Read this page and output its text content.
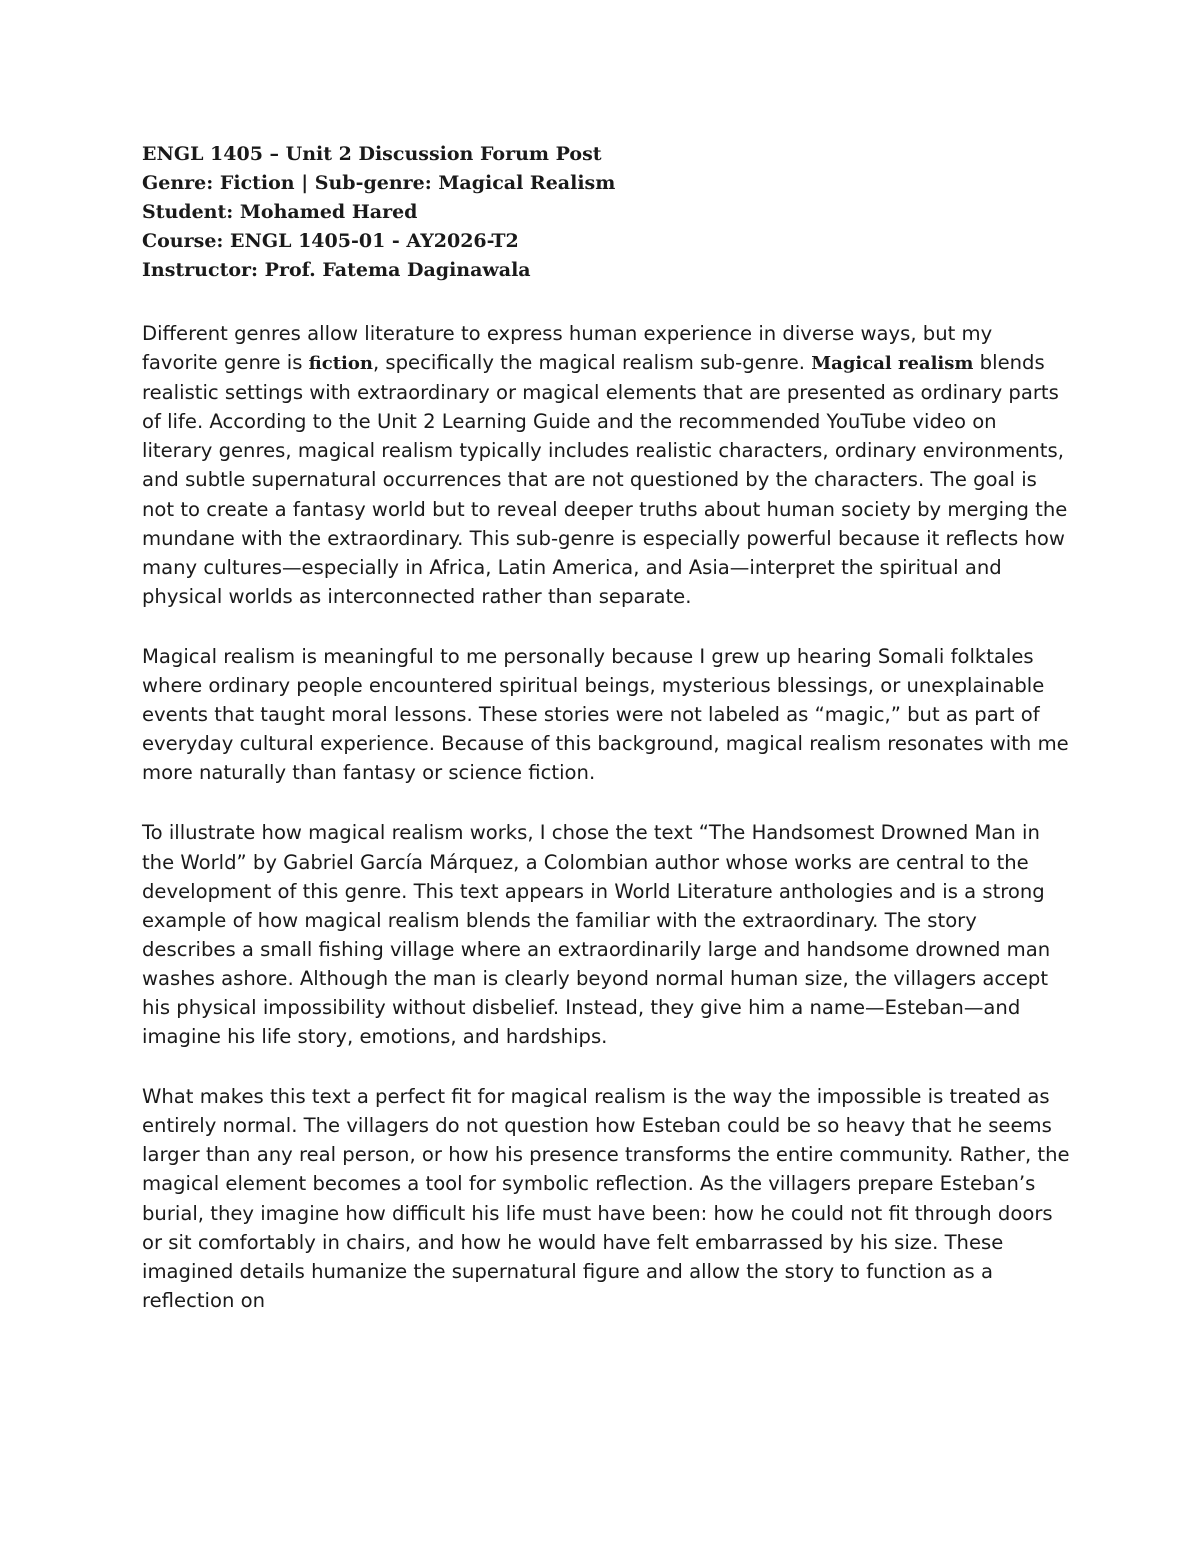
ENGL 1405 – Unit 2 Discussion Forum Post
Genre: Fiction | Sub-genre: Magical Realism
Student: Mohamed Hared
Course: ENGL 1405-01 - AY2026-T2
Instructor: Prof. Fatema Daginawala

Different genres allow literature to express human experience in diverse ways, but my favorite genre is fiction, specifically the magical realism sub-genre. Magical realism blends realistic settings with extraordinary or magical elements that are presented as ordinary parts of life. According to the Unit 2 Learning Guide and the recommended YouTube video on literary genres, magical realism typically includes realistic characters, ordinary environments, and subtle supernatural occurrences that are not questioned by the characters. The goal is not to create a fantasy world but to reveal deeper truths about human society by merging the mundane with the extraordinary. This sub-genre is especially powerful because it reflects how many cultures—especially in Africa, Latin America, and Asia—interpret the spiritual and physical worlds as interconnected rather than separate.

Magical realism is meaningful to me personally because I grew up hearing Somali folktales where ordinary people encountered spiritual beings, mysterious blessings, or unexplainable events that taught moral lessons. These stories were not labeled as “magic,” but as part of everyday cultural experience. Because of this background, magical realism resonates with me more naturally than fantasy or science fiction.

To illustrate how magical realism works, I chose the text “The Handsomest Drowned Man in the World” by Gabriel García Márquez, a Colombian author whose works are central to the development of this genre. This text appears in World Literature anthologies and is a strong example of how magical realism blends the familiar with the extraordinary. The story describes a small fishing village where an extraordinarily large and handsome drowned man washes ashore. Although the man is clearly beyond normal human size, the villagers accept his physical impossibility without disbelief. Instead, they give him a name—Esteban—and imagine his life story, emotions, and hardships.

What makes this text a perfect fit for magical realism is the way the impossible is treated as entirely normal. The villagers do not question how Esteban could be so heavy that he seems larger than any real person, or how his presence transforms the entire community. Rather, the magical element becomes a tool for symbolic reflection. As the villagers prepare Esteban’s burial, they imagine how difficult his life must have been: how he could not fit through doors or sit comfortably in chairs, and how he would have felt embarrassed by his size. These imagined details humanize the supernatural figure and allow the story to function as a reflection on
